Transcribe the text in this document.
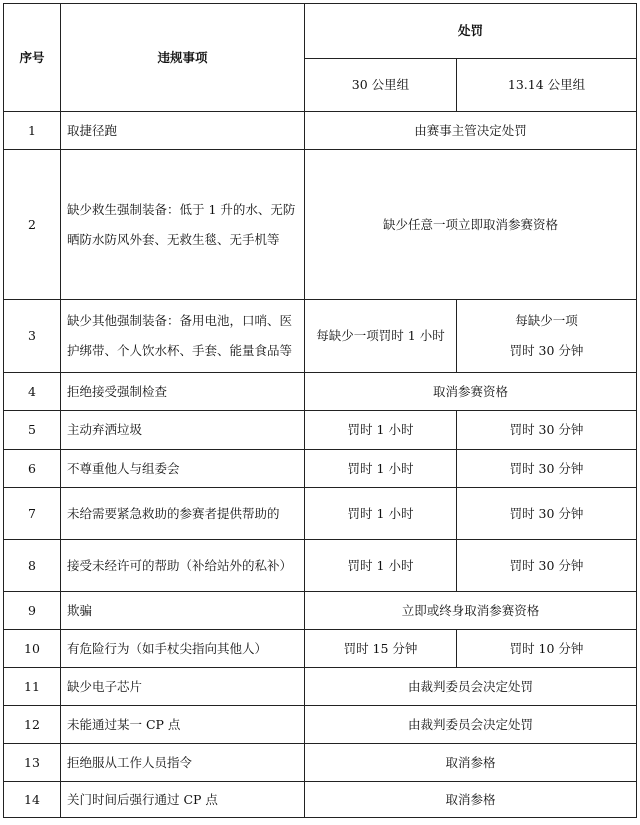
序号	违规事项	处罚	
		30 公里组	13.14 公里组
1	取捷径跑	由赛事主管决定处罚	
2	缺少救生强制装备：低于 1 升的水、无防晒防水防风外套、无救生毯、无手机等	缺少任意一项立即取消参赛资格	
3	缺少其他强制装备：备用电池，口哨、医护绑带、个人饮水杯、手套、能量食品等	每缺少一项罚时 1 小时	每缺少一项
罚时 30 分钟

4	拒绝接受强制检查	取消参赛资格	
5	主动弃洒垃圾	罚时 1 小时	罚时 30 分钟
6	不尊重他人与组委会	罚时 1 小时	罚时 30 分钟
7	未给需要紧急救助的参赛者提供帮助的	罚时 1 小时	罚时 30 分钟
8	接受未经许可的帮助（补给站外的私补）	罚时 1 小时	罚时 30 分钟
9	欺骗	立即或终身取消参赛资格	
10	有危险行为（如手杖尖指向其他人）	罚时 15 分钟	罚时 10 分钟
11	缺少电子芯片	由裁判委员会决定处罚	
12	未能通过某一 CP 点	由裁判委员会决定处罚	
13	拒绝服从工作人员指令	取消参格	
14	关门时间后强行通过 CP 点	取消参格	
